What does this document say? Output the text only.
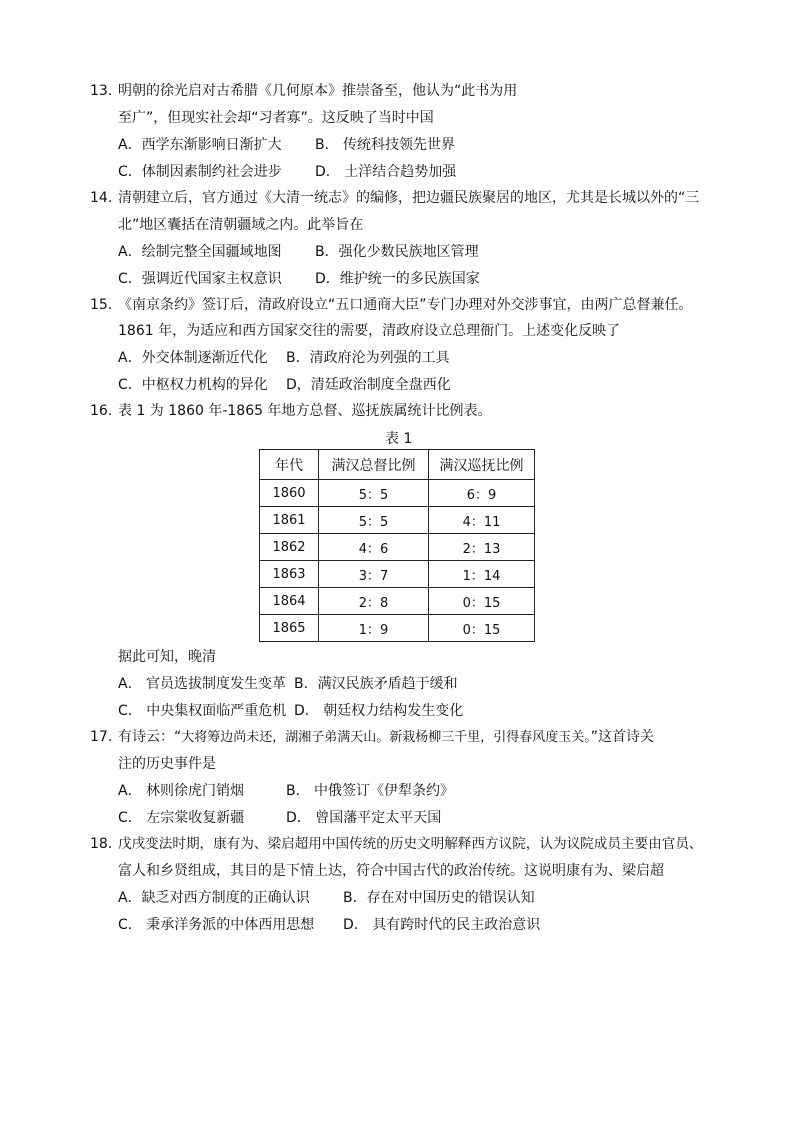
13. 明朝的徐光启对古希腊《几何原本》推崇备至，他认为“此书为用
至广”，但现实社会却“习者寡”。这反映了当时中国
A．西学东渐影响日渐扩大 B． 传统科技领先世界
C．体制因素制约社会进步 D． 土洋结合趋势加强
14. 清朝建立后，官方通过《大清一统志》的编修，把边疆民族聚居的地区，尤其是长城以外的“三
北”地区囊括在清朝疆域之内。此举旨在
A．绘制完整全国疆域地图 B．强化少数民族地区管理
C．强调近代国家主权意识 D．维护统一的多民族国家
15. 《南京条约》签订后，清政府设立“五口通商大臣”专门办理对外交涉事宜，由两广总督兼任。
1861 年，为适应和西方国家交往的需要，清政府设立总理衙门。上述变化反映了
A．外交体制逐渐近代化 B．清政府沦为列强的工具
C．中枢权力机构的异化 D，清廷政治制度全盘西化
16. 表 1 为 1860 年-1865 年地方总督、巡抚族属统计比例表。
表 1
年代	满汉总督比例	满汉巡抚比例
1860	5：5	6：9
1861	5：5	4：11
1862	4：6	2：13
1863	3：7	1：14
1864	2：8	0：15
1865	1：9	0：15
据此可知，晚清
A． 官员选拔制度发生变革 B．满汉民族矛盾趋于缓和
C． 中央集权面临严重危机 D． 朝廷权力结构发生变化
17. 有诗云：“大将筹边尚未还，湖湘子弟满天山。新栽杨柳三千里，引得春风度玉关。”这首诗关
注的历史事件是
A． 林则徐虎门销烟	B． 中俄签订《伊犁条约》
C． 左宗棠收复新疆	D． 曾国藩平定太平天国
18. 戊戌变法时期，康有为、梁启超用中国传统的历史文明解释西方议院，认为议院成员主要由官员、
富人和乡贤组成，其目的是下情上达，符合中国古代的政治传统。这说明康有为、梁启超
A．缺乏对西方制度的正确认识 B．存在对中国历史的错误认知
C． 秉承洋务派的中体西用思想 D． 具有跨时代的民主政治意识
